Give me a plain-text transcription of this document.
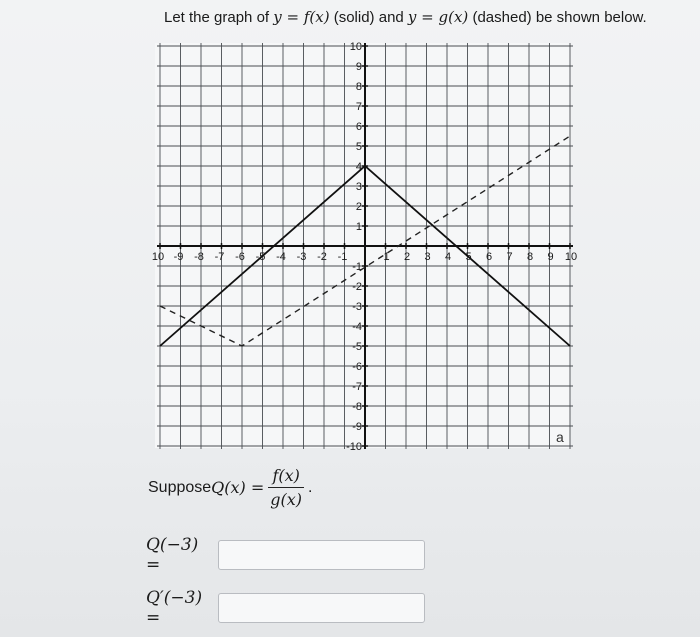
Let the graph of y = f(x) (solid) and y = g(x) (dashed) be shown below.
10 -9 -8 -7 -6 -5 -4 -3 -2 -1	1 2 3 4 5 6 7 8 9 10
10
9
8
7
6
5
4
3
2
1
-1
-2
-3
-4
-5
-6
-7
-8
-9
-10
a
Suppose $Q(x) = \frac{f(x)}{g(x)}$ .
Q(−3) =
Q′(−3) =
